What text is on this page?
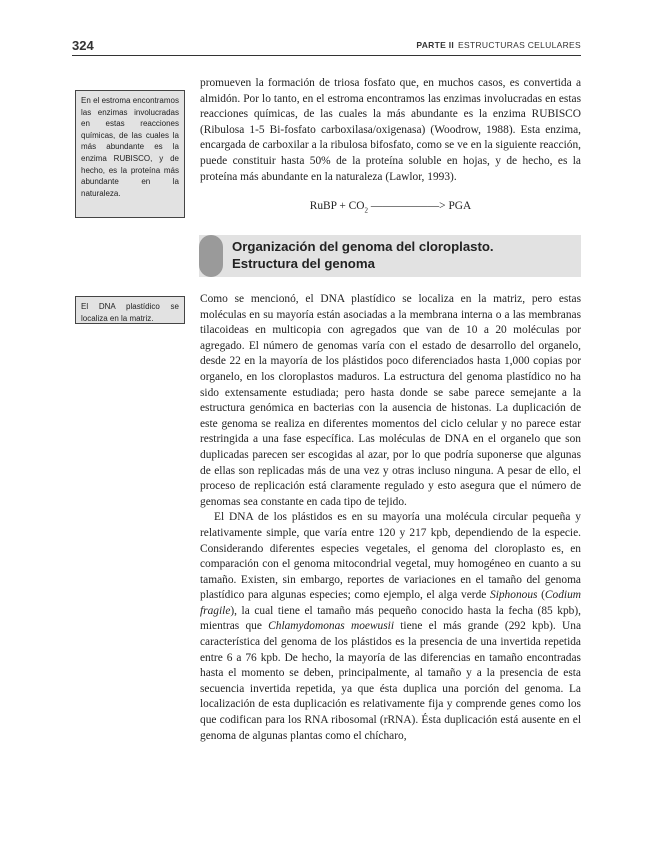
324	PARTE II ESTRUCTURAS CELULARES
En el estroma encontramos las enzimas involucradas en estas reacciones químicas, de las cuales la más abundante es la enzima RUBISCO, y de hecho, es la proteína más abundante en la naturaleza.
El DNA plastídico se localiza en la matriz.

promueven la formación de triosa fosfato que, en muchos casos, es convertida a almidón. Por lo tanto, en el estroma encontramos las enzimas involucradas en estas reacciones químicas, de las cuales la más abundante es la enzima RUBISCO (Ribulosa 1-5 Bi-fosfato carboxilasa/oxigenasa) (Woodrow, 1988). Esta enzima, encargada de carboxilar a la ribulosa bifosfato, como se ve en la siguiente reacción, puede constituir hasta 50% de la proteína soluble en hojas, y de hecho, es la proteína más abundante en la naturaleza (Lawlor, 1993).

RuBP + $CO_2$ ——————> PGA
Organización del genoma del cloroplasto.
Estructura del genoma

Como se mencionó, el DNA plastídico se localiza en la matriz, pero estas moléculas en su mayoría están asociadas a la membrana interna o a las membranas tilacoideas en multicopia con agregados que van de 10 a 20 moléculas por agregado. El número de genomas varía con el estado de desarrollo del organelo, desde 22 en la mayoría de los plástidos poco diferenciados hasta 1,000 copias por organelo, en los cloroplastos maduros. La estructura del genoma plastídico no ha sido extensamente estudiada; pero hasta donde se sabe parece semejante a la estructura genómica en bacterias con la ausencia de histonas. La duplicación de este genoma se realiza en diferentes momentos del ciclo celular y no parece estar restringida a una fase específica. Las moléculas de DNA en el organelo que son duplicadas parecen ser escogidas al azar, por lo que podría suponerse que algunas de ellas son replicadas más de una vez y otras incluso ninguna. A pesar de ello, el proceso de replicación está claramente regulado y esto asegura que el número de genomas sea constante en cada tipo de tejido.

El DNA de los plástidos es en su mayoría una molécula circular pequeña y relativamente simple, que varía entre 120 y 217 kpb, dependiendo de la especie. Considerando diferentes especies vegetales, el genoma del cloroplasto es, en comparación con el genoma mitocondrial vegetal, muy homogéneo en cuanto a su tamaño. Existen, sin embargo, reportes de variaciones en el tamaño del genoma plastídico para algunas especies; como ejemplo, el alga verde Siphonous (Codium fragile), la cual tiene el tamaño más pequeño conocido hasta la fecha (85 kpb), mientras que Chlamydomonas moewusii tiene el más grande (292 kpb). Una característica del genoma de los plástidos es la presencia de una invertida repetida entre 6 a 76 kpb. De hecho, la mayoría de las diferencias en tamaño encontradas hasta el momento se deben, principalmente, al tamaño y a la presencia de esta secuencia invertida repetida, ya que ésta duplica una porción del genoma. La localización de esta duplicación es relativamente fija y comprende genes como los que codifican para los RNA ribosomal (rRNA). Ésta duplicación está ausente en el genoma de algunas plantas como el chícharo,
